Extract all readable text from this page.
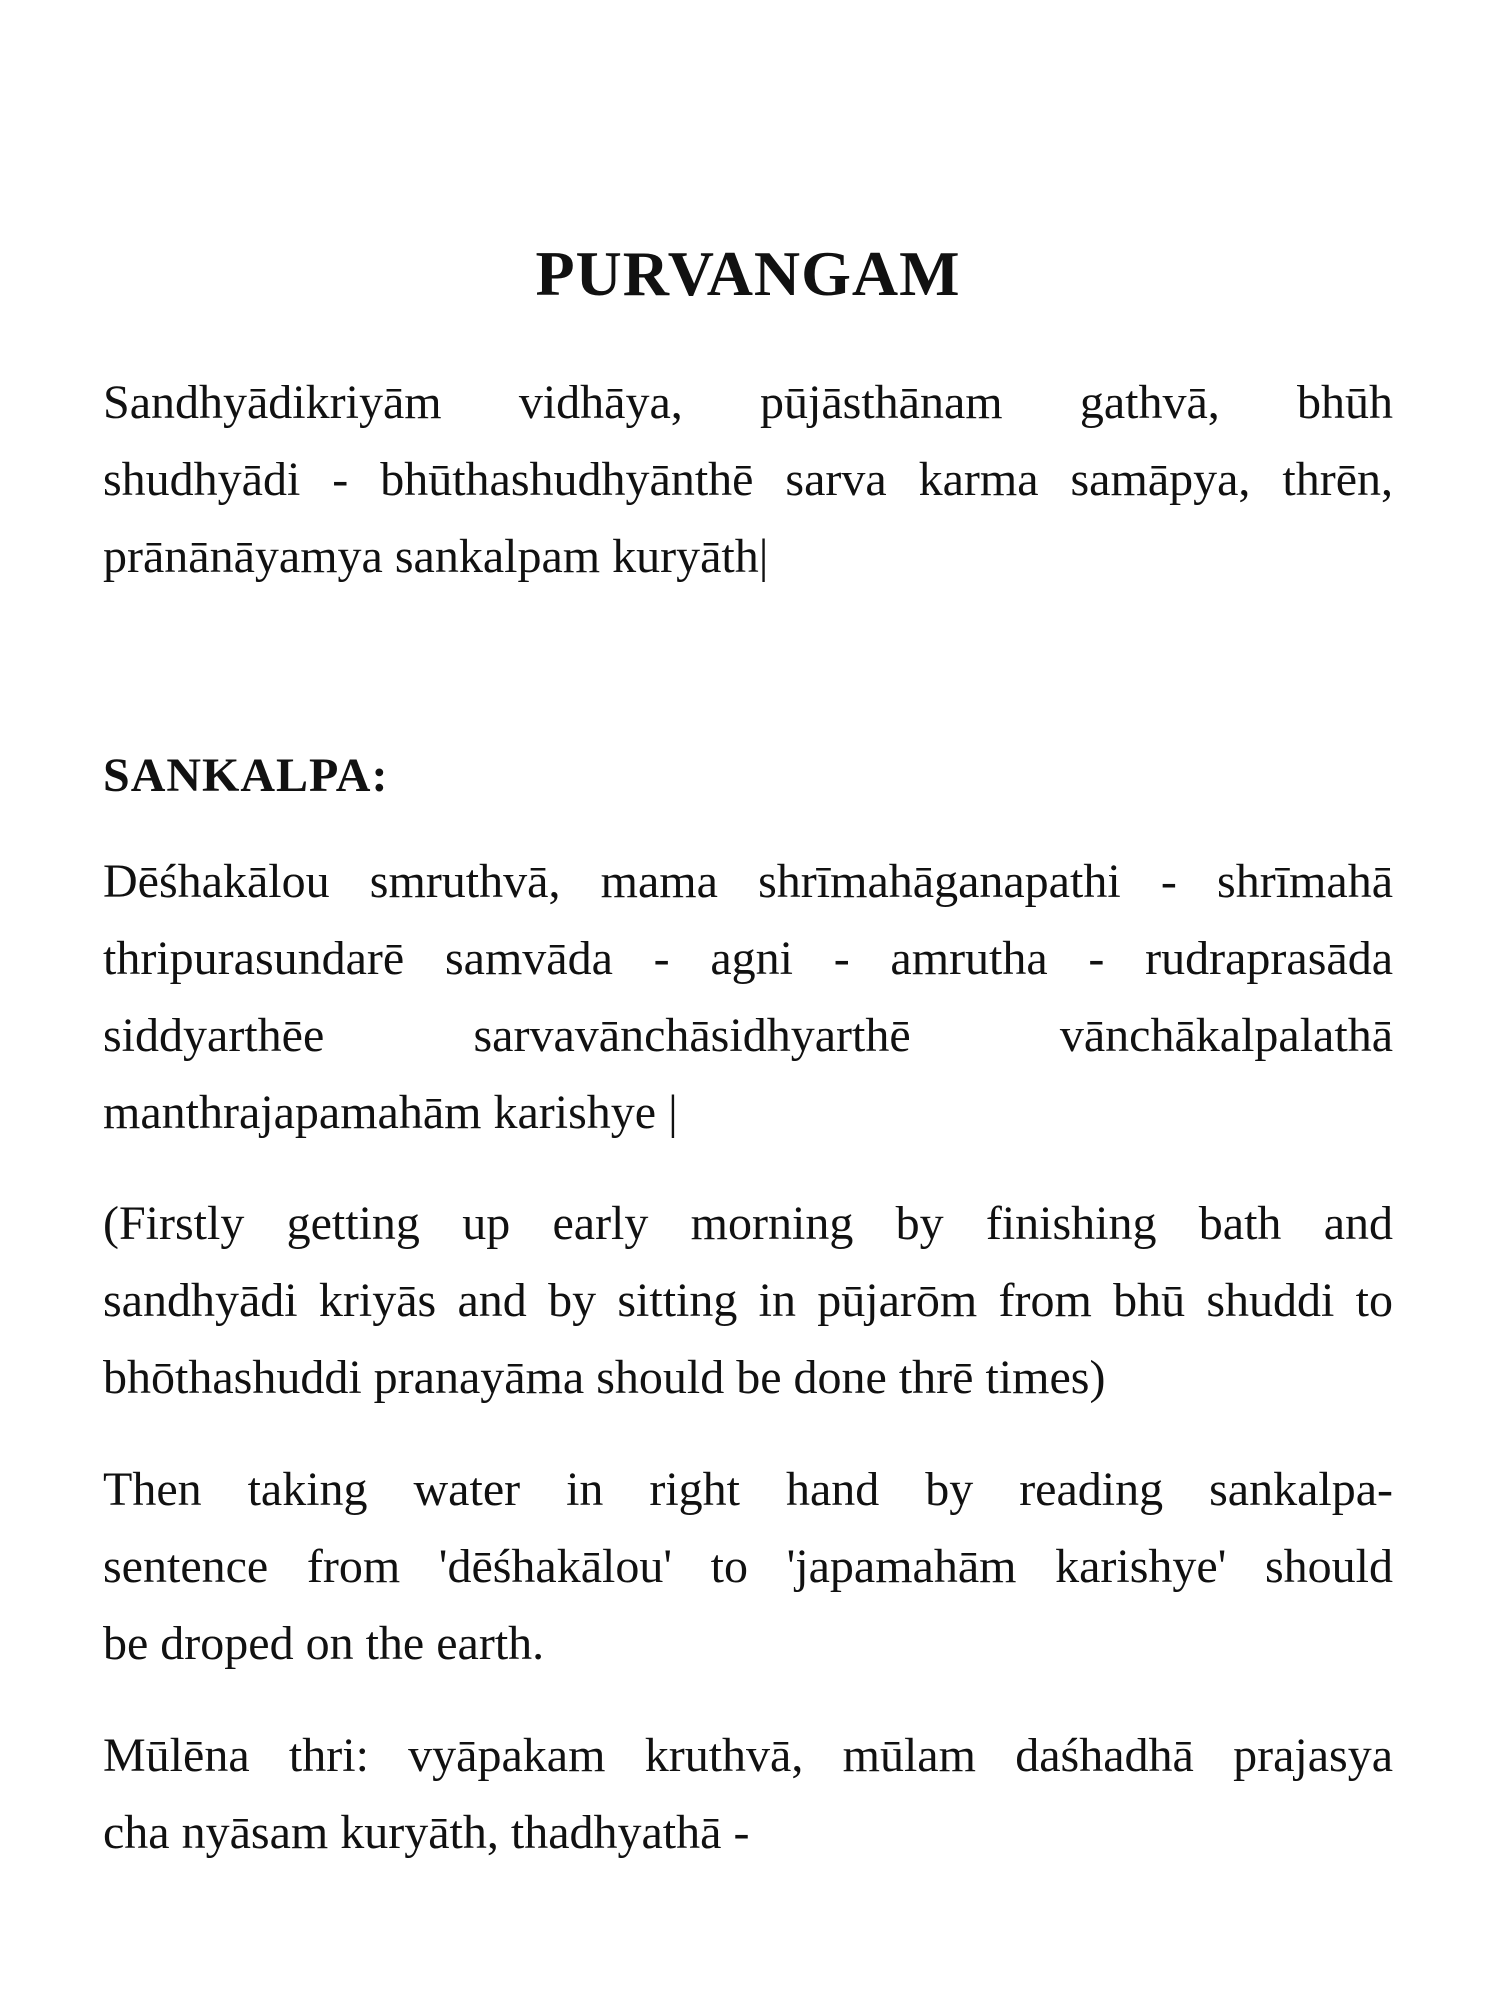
PURVANGAM

Sandhyādikriyām vidhāya, pūjāsthānam gathvā, bhūh
shudhyādi - bhūthashudhyānthē sarva karma samāpya, thrēn,
prānānāyamya sankalpam kuryāth|

SANKALPA:

Dēśhakālou smruthvā, mama shrīmahāganapathi - shrīmahā
thripurasundarē samvāda - agni - amrutha - rudraprasāda
siddyarthēe sarvavānchāsidhyarthē vānchākalpalathā
manthrajapamahām karishye |

(Firstly getting up early morning by finishing bath and
sandhyādi kriyās and by sitting in pūjarōm from bhū shuddi to
bhōthashuddi pranayāma should be done thrē times)

Then taking water in right hand by reading sankalpa-
sentence from 'dēśhakālou' to 'japamahām karishye' should
be droped on the earth.

Mūlēna thri: vyāpakam kruthvā, mūlam daśhadhā prajasya
cha nyāsam kuryāth, thadhyathā -
